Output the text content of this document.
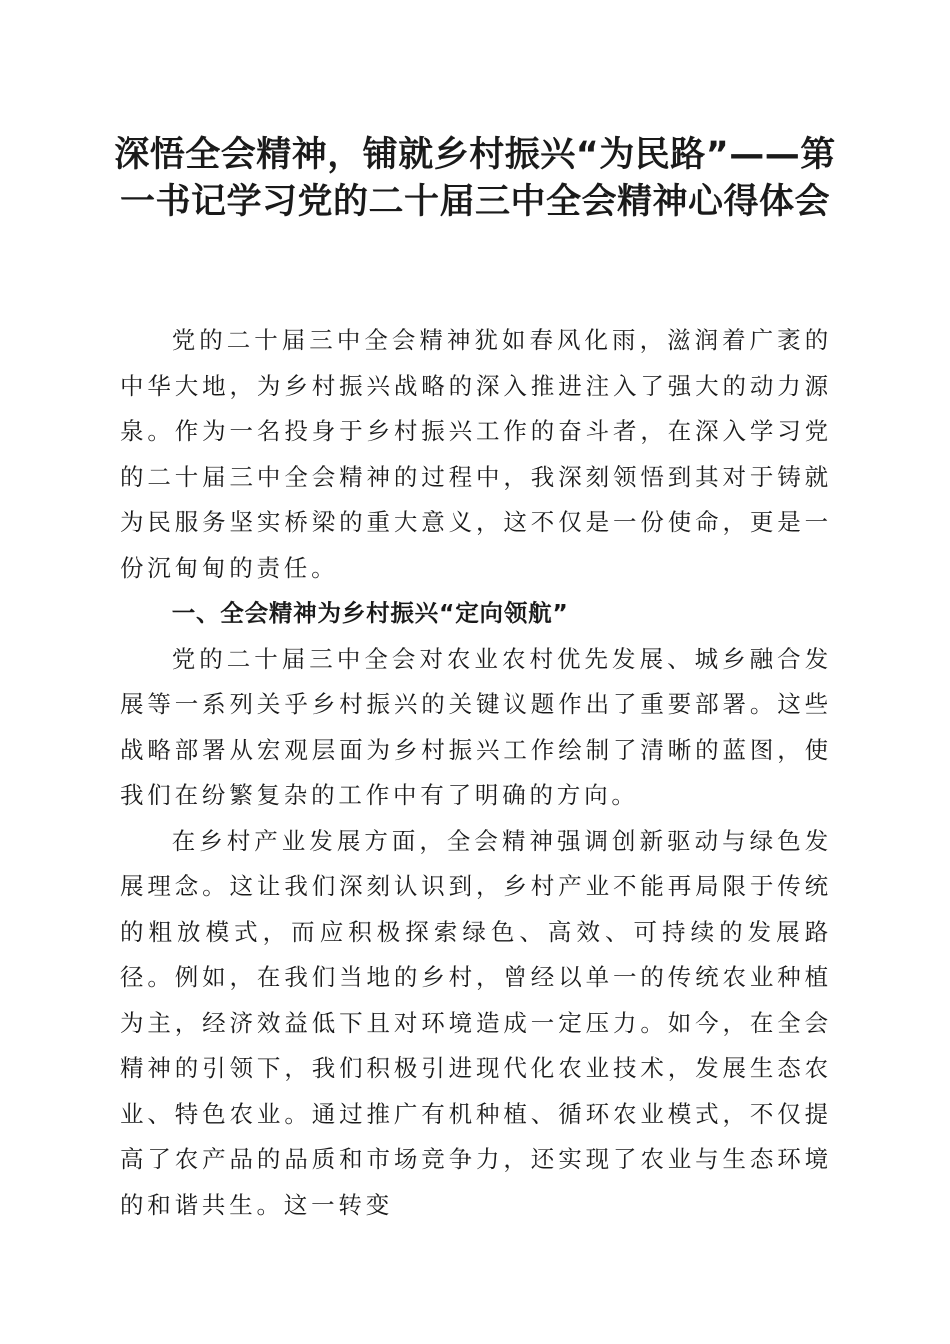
深悟全会精神，铺就乡村振兴“为民路”——第一书记学习党的二十届三中全会精神心得体会

党的二十届三中全会精神犹如春风化雨，滋润着广袤的中华大地，为乡村振兴战略的深入推进注入了强大的动力源泉。作为一名投身于乡村振兴工作的奋斗者，在深入学习党的二十届三中全会精神的过程中，我深刻领悟到其对于铸就为民服务坚实桥梁的重大意义，这不仅是一份使命，更是一份沉甸甸的责任。

一、全会精神为乡村振兴“定向领航”

党的二十届三中全会对农业农村优先发展、城乡融合发展等一系列关乎乡村振兴的关键议题作出了重要部署。这些战略部署从宏观层面为乡村振兴工作绘制了清晰的蓝图，使我们在纷繁复杂的工作中有了明确的方向。

在乡村产业发展方面，全会精神强调创新驱动与绿色发展理念。这让我们深刻认识到，乡村产业不能再局限于传统的粗放模式，而应积极探索绿色、高效、可持续的发展路径。例如，在我们当地的乡村，曾经以单一的传统农业种植为主，经济效益低下且对环境造成一定压力。如今，在全会精神的引领下，我们积极引进现代化农业技术，发展生态农业、特色农业。通过推广有机种植、循环农业模式，不仅提高了农产品的品质和市场竞争力，还实现了农业与生态环境的和谐共生。这一转变
